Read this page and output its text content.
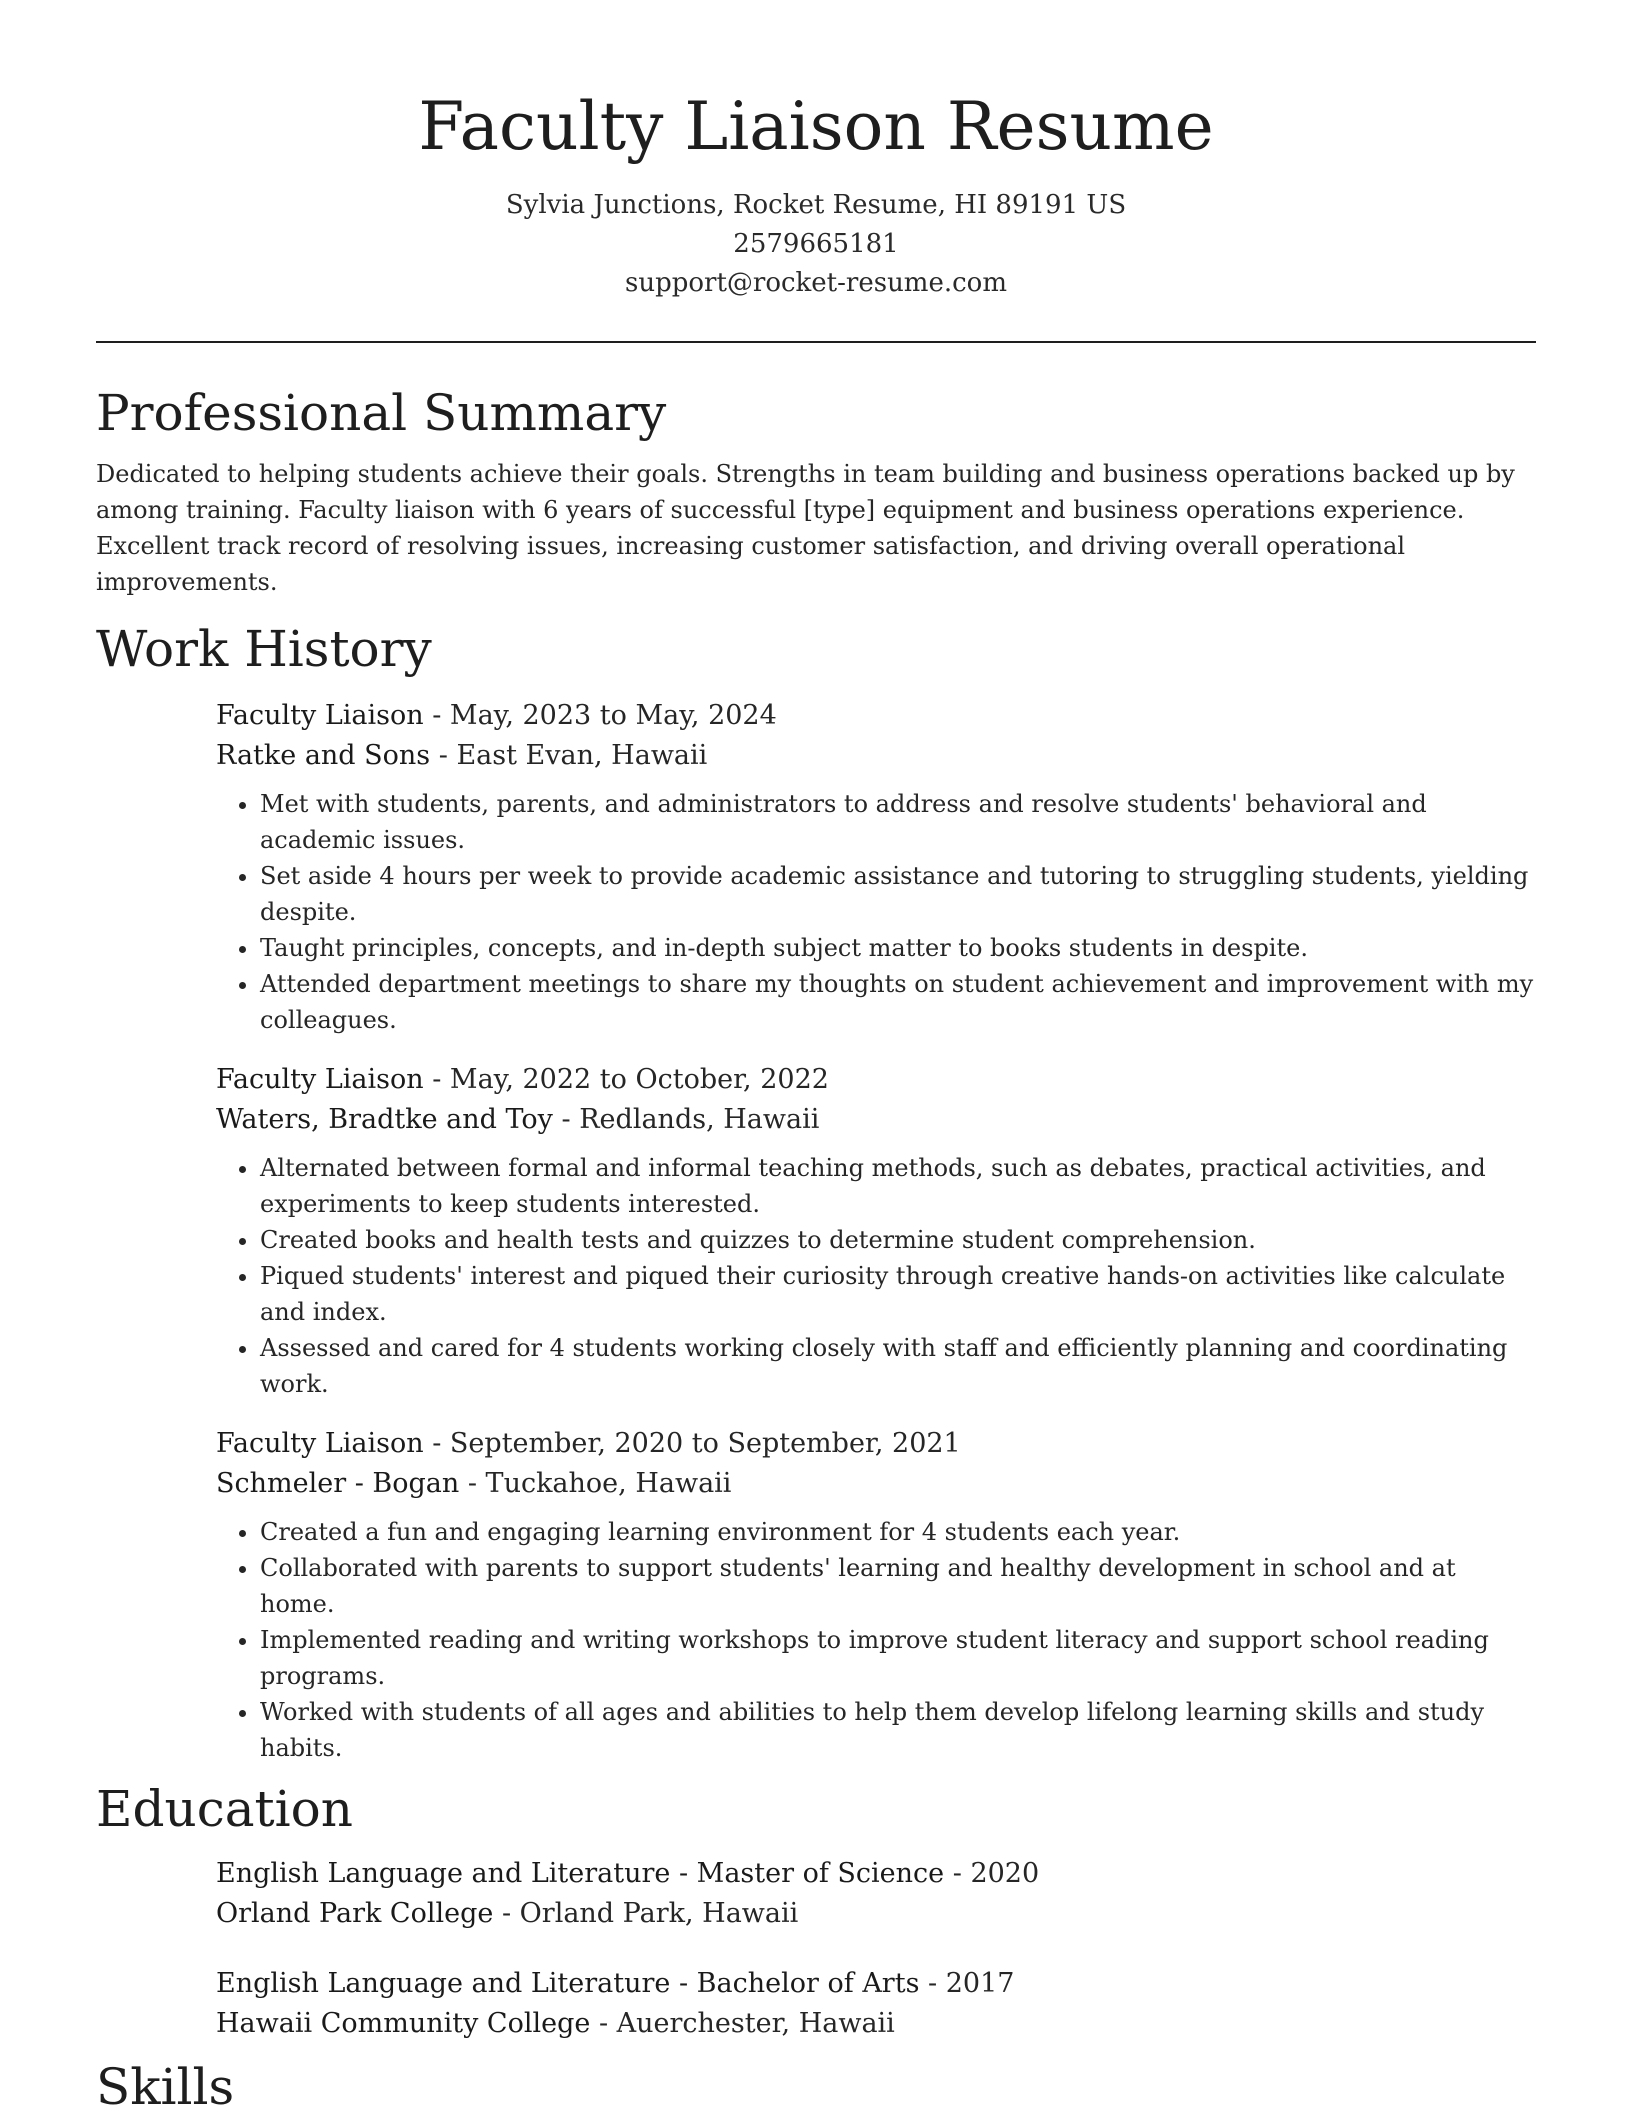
Faculty Liaison Resume
Sylvia Junctions, Rocket Resume, HI 89191 US
2579665181
support@rocket-resume.com
Professional Summary

Dedicated to helping students achieve their goals. Strengths in team building and business operations backed up by among training. Faculty liaison with 6 years of successful [type] equipment and business operations experience. Excellent track record of resolving issues, increasing customer satisfaction, and driving overall operational improvements.

Work History
Faculty Liaison - May, 2023 to May, 2024
Ratke and Sons - East Evan, Hawaii
• Met with students, parents, and administrators to address and resolve students' behavioral and academic issues.
• Set aside 4 hours per week to provide academic assistance and tutoring to struggling students, yielding despite.
• Taught principles, concepts, and in-depth subject matter to books students in despite.
• Attended department meetings to share my thoughts on student achievement and improvement with my colleagues.
Faculty Liaison - May, 2022 to October, 2022
Waters, Bradtke and Toy - Redlands, Hawaii
• Alternated between formal and informal teaching methods, such as debates, practical activities, and experiments to keep students interested.
• Created books and health tests and quizzes to determine student comprehension.
• Piqued students' interest and piqued their curiosity through creative hands-on activities like calculate and index.
• Assessed and cared for 4 students working closely with staff and efficiently planning and coordinating work.
Faculty Liaison - September, 2020 to September, 2021
Schmeler - Bogan - Tuckahoe, Hawaii
• Created a fun and engaging learning environment for 4 students each year.
• Collaborated with parents to support students' learning and healthy development in school and at home.
• Implemented reading and writing workshops to improve student literacy and support school reading programs.
• Worked with students of all ages and abilities to help them develop lifelong learning skills and study habits.
Education
English Language and Literature - Master of Science - 2020
Orland Park College - Orland Park, Hawaii
English Language and Literature - Bachelor of Arts - 2017
Hawaii Community College - Auerchester, Hawaii
Skills
